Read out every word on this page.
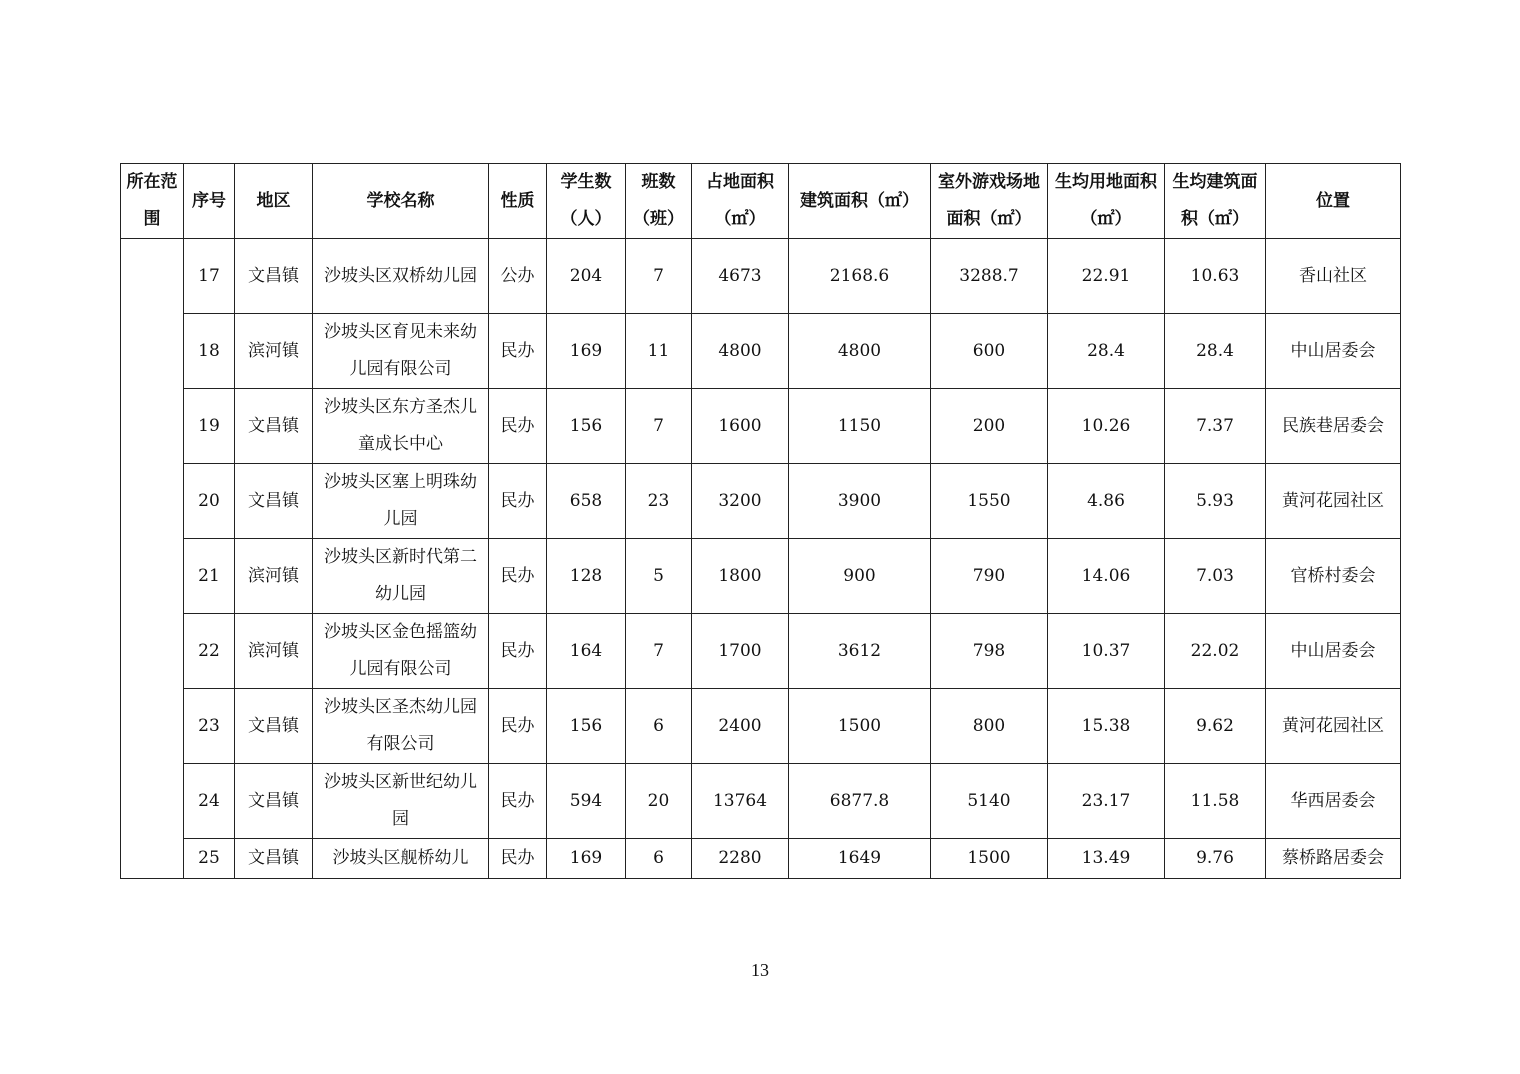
所在范围	序号	地区	学校名称	性质	学生数（人）	班数（班）	占地面积（㎡）	建筑面积（㎡）	室外游戏场地面积（㎡）	生均用地面积（㎡）	生均建筑面积（㎡）	位置

	17	文昌镇	沙坡头区双桥幼儿园	公办	204	7	4673	2168.6	3288.7	22.91	10.63	香山社区
	18	滨河镇	沙坡头区育见未来幼儿园有限公司	民办	169	11	4800	4800	600	28.4	28.4	中山居委会
	19	文昌镇	沙坡头区东方圣杰儿童成长中心	民办	156	7	1600	1150	200	10.26	7.37	民族巷居委会
	20	文昌镇	沙坡头区塞上明珠幼儿园	民办	658	23	3200	3900	1550	4.86	5.93	黄河花园社区
	21	滨河镇	沙坡头区新时代第二幼儿园	民办	128	5	1800	900	790	14.06	7.03	官桥村委会
	22	滨河镇	沙坡头区金色摇篮幼儿园有限公司	民办	164	7	1700	3612	798	10.37	22.02	中山居委会
	23	文昌镇	沙坡头区圣杰幼儿园有限公司	民办	156	6	2400	1500	800	15.38	9.62	黄河花园社区
	24	文昌镇	沙坡头区新世纪幼儿园	民办	594	20	13764	6877.8	5140	23.17	11.58	华西居委会
	25	文昌镇	沙坡头区舰桥幼儿	民办	169	6	2280	1649	1500	13.49	9.76	蔡桥路居委会
13
